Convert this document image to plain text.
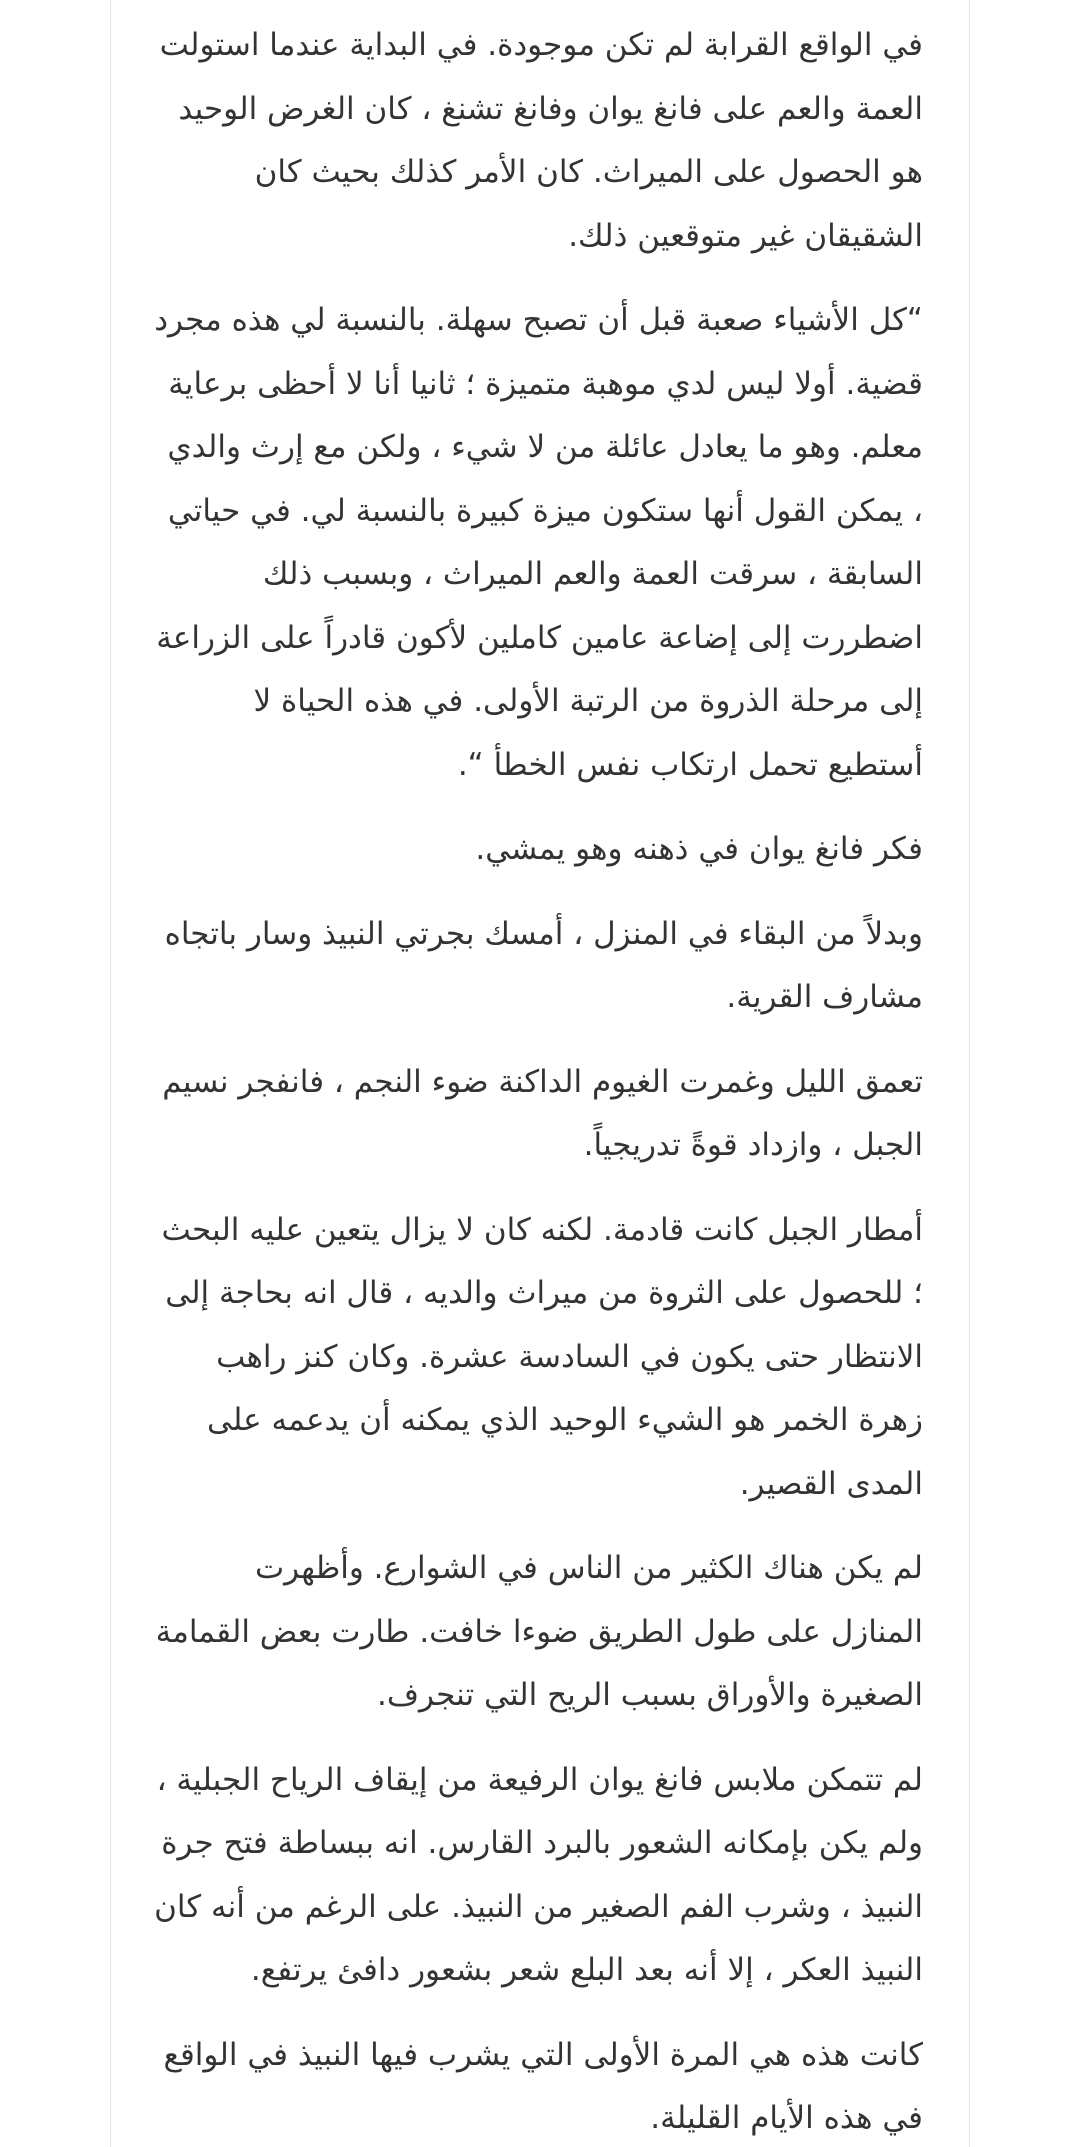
في الواقع القرابة لم تكن موجودة. في البداية عندما استولت العمة والعم على فانغ يوان وفانغ تشنغ ، كان الغرض الوحيد هو الحصول على الميراث. كان الأمر كذلك بحيث كان الشقيقان غير متوقعين ذلك.

“كل الأشياء صعبة قبل أن تصبح سهلة. بالنسبة لي هذه مجرد قضية. أولا ليس لدي موهبة متميزة ؛ ثانيا أنا لا أحظى برعاية معلم. وهو ما يعادل عائلة من لا شيء ، ولكن مع إرث والدي ، يمكن القول أنها ستكون ميزة كبيرة بالنسبة لي. في حياتي السابقة ، سرقت العمة والعم الميراث ، وبسبب ذلك اضطررت إلى إضاعة عامين كاملين لأكون قادراً على الزراعة إلى مرحلة الذروة من الرتبة الأولى. في هذه الحياة لا أستطيع تحمل ارتكاب نفس الخطأ “.

فكر فانغ يوان في ذهنه وهو يمشي.

وبدلاً من البقاء في المنزل ، أمسك بجرتي النبيذ وسار باتجاه مشارف القرية.

تعمق الليل وغمرت الغيوم الداكنة ضوء النجم ، فانفجر نسيم الجبل ، وازداد قوةً تدريجياً.

أمطار الجبل كانت قادمة. لكنه كان لا يزال يتعين عليه البحث ؛ للحصول على الثروة من ميراث والديه ، قال انه بحاجة إلى الانتظار حتى يكون في السادسة عشرة. وكان كنز راهب زهرة الخمر هو الشيء الوحيد الذي يمكنه أن يدعمه على المدى القصير.

لم يكن هناك الكثير من الناس في الشوارع. وأظهرت المنازل على طول الطريق ضوءا خافت. طارت بعض القمامة الصغيرة والأوراق بسبب الريح التي تنجرف.

لم تتمكن ملابس فانغ يوان الرفيعة من إيقاف الرياح الجبلية ، ولم يكن بإمكانه الشعور بالبرد القارس. انه ببساطة فتح جرة النبيذ ، وشرب الفم الصغير من النبيذ. على الرغم من أنه كان النبيذ العكر ، إلا أنه بعد البلع شعر بشعور دافئ يرتفع.

كانت هذه هي المرة الأولى التي يشرب فيها النبيذ في الواقع في هذه الأيام القليلة.
